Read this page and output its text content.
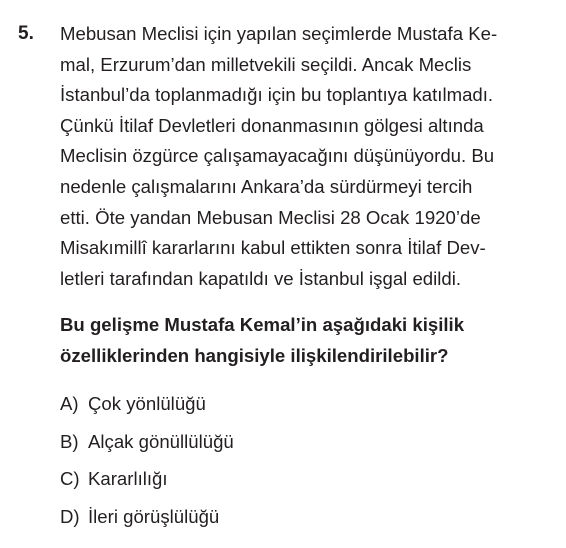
5. Mebusan Meclisi için yapılan seçimlerde Mustafa Ke-
mal, Erzurum’dan milletvekili seçildi. Ancak Meclis
İstanbul’da toplanmadığı için bu toplantıya katılmadı.
Çünkü İtilaf Devletleri donanmasının gölgesi altında
Meclisin özgürce çalışamayacağını düşünüyordu. Bu
nedenle çalışmalarını Ankara’da sürdürmeyi tercih
etti. Öte yandan Mebusan Meclisi 28 Ocak 1920’de
Misakımillî kararlarını kabul ettikten sonra İtilaf Dev-
letleri tarafından kapatıldı ve İstanbul işgal edildi.
Bu gelişme Mustafa Kemal’in aşağıdaki kişilik
özelliklerinden hangisiyle ilişkilendirilebilir?
A) Çok yönlülüğü
B) Alçak gönüllülüğü
C) Kararlılığı
D) İleri görüşlülüğü
